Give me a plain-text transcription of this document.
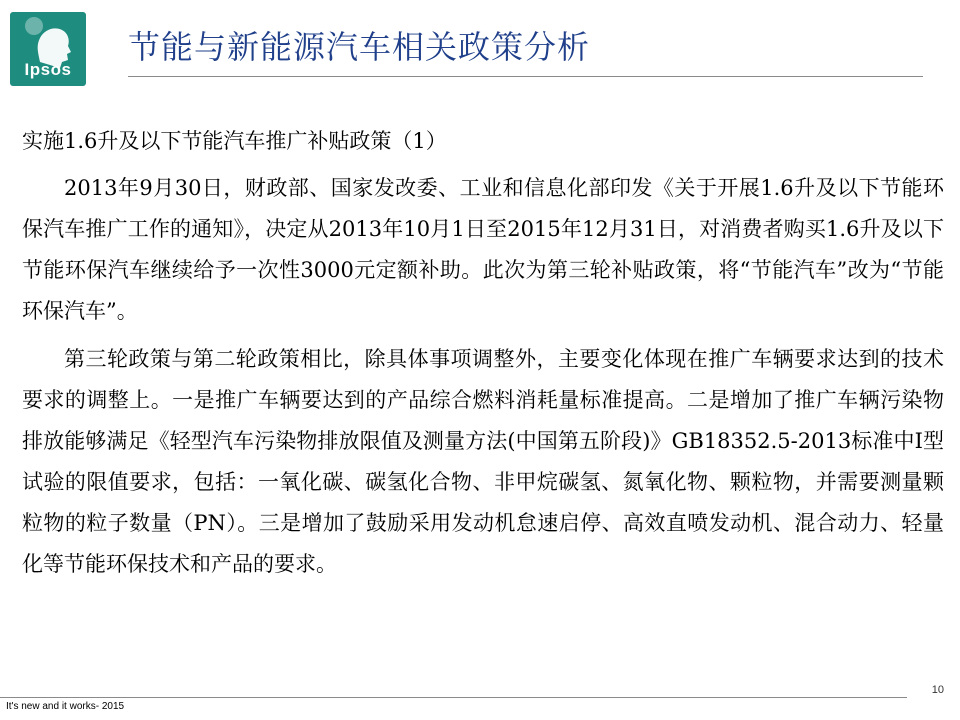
Ipsos
节能与新能源汽车相关政策分析
实施1.6升及以下节能汽车推广补贴政策（1）

2013年9月30日，财政部、国家发改委、工业和信息化部印发《关于开展1.6升及以下节能环保汽车推广工作的通知》，决定从2013年10月1日至2015年12月31日，对消费者购买1.6升及以下节能环保汽车继续给予一次性3000元定额补助。此次为第三轮补贴政策，将“节能汽车”改为“节能环保汽车”。

第三轮政策与第二轮政策相比，除具体事项调整外，主要变化体现在推广车辆要求达到的技术要求的调整上。一是推广车辆要达到的产品综合燃料消耗量标准提高。二是增加了推广车辆污染物排放能够满足《轻型汽车污染物排放限值及测量方法(中国第五阶段)》GB18352.5-2013标准中Ⅰ型试验的限值要求，包括：一氧化碳、碳氢化合物、非甲烷碳氢、氮氧化物、颗粒物，并需要测量颗粒物的粒子数量（PN）。三是增加了鼓励采用发动机怠速启停、高效直喷发动机、混合动力、轻量化等节能环保技术和产品的要求。

It's new and it works- 2015
10
